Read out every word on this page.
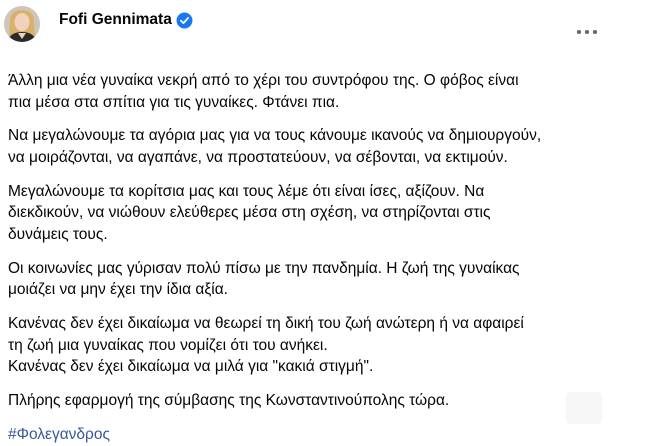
Fofi Gennimata

Άλλη μια νέα γυναίκα νεκρή από το χέρι του συντρόφου της. Ο φόβος είναι
πια μέσα στα σπίτια για τις γυναίκες. Φτάνει πια.

Να μεγαλώνουμε τα αγόρια μας για να τους κάνουμε ικανούς να δημιουργούν,
να μοιράζονται, να αγαπάνε, να προστατεύουν, να σέβονται, να εκτιμούν.

Μεγαλώνουμε τα κορίτσια μας και τους λέμε ότι είναι ίσες, αξίζουν. Να
διεκδικούν, να νιώθουν ελεύθερες μέσα στη σχέση, να στηρίζονται στις
δυνάμεις τους.

Οι κοινωνίες μας γύρισαν πολύ πίσω με την πανδημία. Η ζωή της γυναίκας
μοιάζει να μην έχει την ίδια αξία.

Κανένας δεν έχει δικαίωμα να θεωρεί τη δική του ζωή ανώτερη ή να αφαιρεί
τη ζωή μια γυναίκας που νομίζει ότι του ανήκει.
Κανένας δεν έχει δικαίωμα να μιλά για "κακιά στιγμή".

Πλήρης εφαρμογή της σύμβασης της Κωνσταντινούπολης τώρα.

#Φολεγανδρος
